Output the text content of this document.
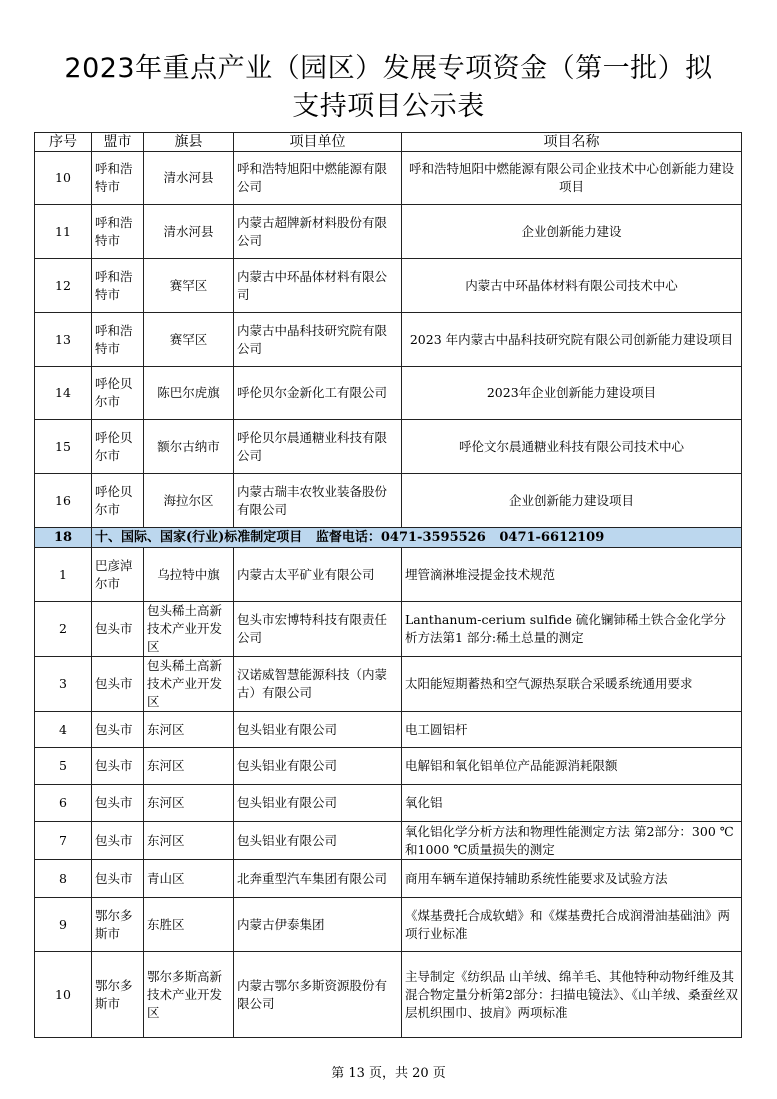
2023年重点产业（园区）发展专项资金（第一批）拟
支持项目公示表
序号	盟市	旗县	项目单位	项目名称
10	呼和浩特市	清水河县	呼和浩特旭阳中燃能源有限公司	呼和浩特旭阳中燃能源有限公司企业技术中心创新能力建设项目
11	呼和浩特市	清水河县	内蒙古超牌新材料股份有限公司	企业创新能力建设
12	呼和浩特市	赛罕区	内蒙古中环晶体材料有限公司	内蒙古中环晶体材料有限公司技术中心
13	呼和浩特市	赛罕区	内蒙古中晶科技研究院有限公司	2023 年内蒙古中晶科技研究院有限公司创新能力建设项目
14	呼伦贝尔市	陈巴尔虎旗	呼伦贝尔金新化工有限公司	2023年企业创新能力建设项目
15	呼伦贝尔市	额尔古纳市	呼伦贝尔晨通糖业科技有限公司	呼伦文尔晨通糖业科技有限公司技术中心
16	呼伦贝尔市	海拉尔区	内蒙古瑞丰农牧业装备股份有限公司	企业创新能力建设项目
18	十、国际、国家(行业)标准制定项目   监督电话：0471-3595526   0471-6612109			
1	巴彦淖尔市	乌拉特中旗	内蒙古太平矿业有限公司	埋管滴淋堆浸提金技术规范
2	包头市	包头稀土高新技术产业开发区	包头市宏博特科技有限责任公司	Lanthanum-cerium sulfide 硫化镧铈稀土铁合金化学分析方法第1 部分:稀土总量的测定
3	包头市	包头稀土高新技术产业开发区	汉诺威智慧能源科技（内蒙古）有限公司	太阳能短期蓄热和空气源热泵联合采暖系统通用要求
4	包头市	东河区	包头铝业有限公司	电工圆铝杆
5	包头市	东河区	包头铝业有限公司	电解铝和氧化铝单位产品能源消耗限额
6	包头市	东河区	包头铝业有限公司	氧化铝
7	包头市	东河区	包头铝业有限公司	氧化铝化学分析方法和物理性能测定方法 第2部分：300 ℃和1000 ℃质量损失的测定
8	包头市	青山区	北奔重型汽车集团有限公司	商用车辆车道保持辅助系统性能要求及试验方法
9	鄂尔多斯市	东胜区	内蒙古伊泰集团	《煤基费托合成软蜡》和《煤基费托合成润滑油基础油》两项行业标准
10	鄂尔多斯市	鄂尔多斯高新技术产业开发区	内蒙古鄂尔多斯资源股份有限公司	主导制定《纺织品 山羊绒、绵羊毛、其他特种动物纤维及其混合物定量分析第2部分：扫描电镜法》、《山羊绒、桑蚕丝双层机织围巾、披肩》两项标准
第 13 页，共 20 页
